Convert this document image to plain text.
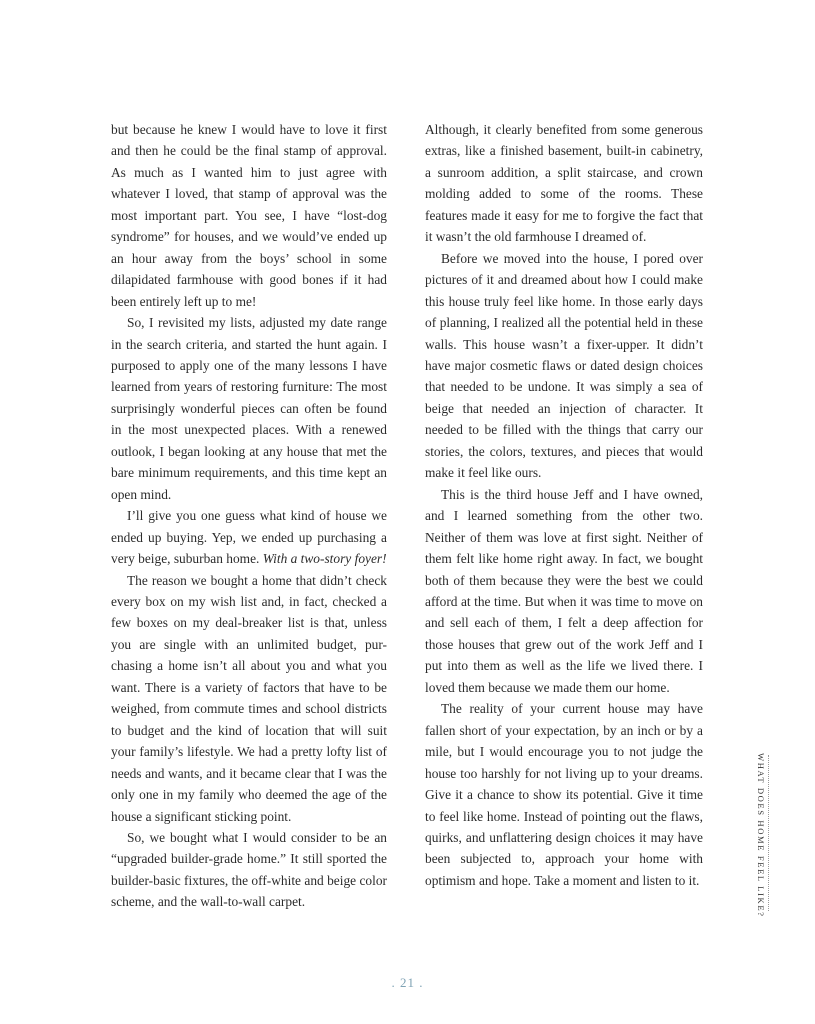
but because he knew I would have to love it first and then he could be the final stamp of approval. As much as I wanted him to just agree with whatever I loved, that stamp of approval was the most important part. You see, I have “lost-dog syndrome” for houses, and we would’ve ended up an hour away from the boys’ school in some dilapidated farmhouse with good bones if it had been entirely left up to me!

So, I revisited my lists, adjusted my date range in the search criteria, and started the hunt again. I purposed to apply one of the many lessons I have learned from years of restoring furniture: The most surprisingly wonderful pieces can often be found in the most unexpected places. With a renewed outlook, I began looking at any house that met the bare minimum requirements, and this time kept an open mind.

I’ll give you one guess what kind of house we ended up buying. Yep, we ended up purchasing a very beige, suburban home. With a two-story foyer!

The reason we bought a home that didn’t check every box on my wish list and, in fact, checked a few boxes on my deal-breaker list is that, unless you are single with an unlimited budget, pur-chasing a home isn’t all about you and what you want. There is a variety of factors that have to be weighed, from commute times and school districts to budget and the kind of location that will suit your family’s lifestyle. We had a pretty lofty list of needs and wants, and it became clear that I was the only one in my family who deemed the age of the house a significant sticking point.

So, we bought what I would consider to be an “upgraded builder-grade home.” It still sported the builder-basic fixtures, the off-white and beige color scheme, and the wall-to-wall carpet.

Although, it clearly benefited from some generous extras, like a finished basement, built-in cabinetry, a sunroom addition, a split staircase, and crown molding added to some of the rooms. These features made it easy for me to forgive the fact that it wasn’t the old farmhouse I dreamed of.

Before we moved into the house, I pored over pictures of it and dreamed about how I could make this house truly feel like home. In those early days of planning, I realized all the potential held in these walls. This house wasn’t a fixer-upper. It didn’t have major cosmetic flaws or dated design choices that needed to be undone. It was simply a sea of beige that needed an injection of character. It needed to be filled with the things that carry our stories, the colors, textures, and pieces that would make it feel like ours.

This is the third house Jeff and I have owned, and I learned something from the other two. Neither of them was love at first sight. Neither of them felt like home right away. In fact, we bought both of them because they were the best we could afford at the time. But when it was time to move on and sell each of them, I felt a deep affection for those houses that grew out of the work Jeff and I put into them as well as the life we lived there. I loved them because we made them our home.

The reality of your current house may have fallen short of your expectation, by an inch or by a mile, but I would encourage you to not judge the house too harshly for not living up to your dreams. Give it a chance to show its potential. Give it time to feel like home. Instead of pointing out the flaws, quirks, and unflattering design choices it may have been subjected to, approach your home with optimism and hope. Take a moment and listen to it.	WHAT DOES HOME FEEL LIKE?
. 21 .
